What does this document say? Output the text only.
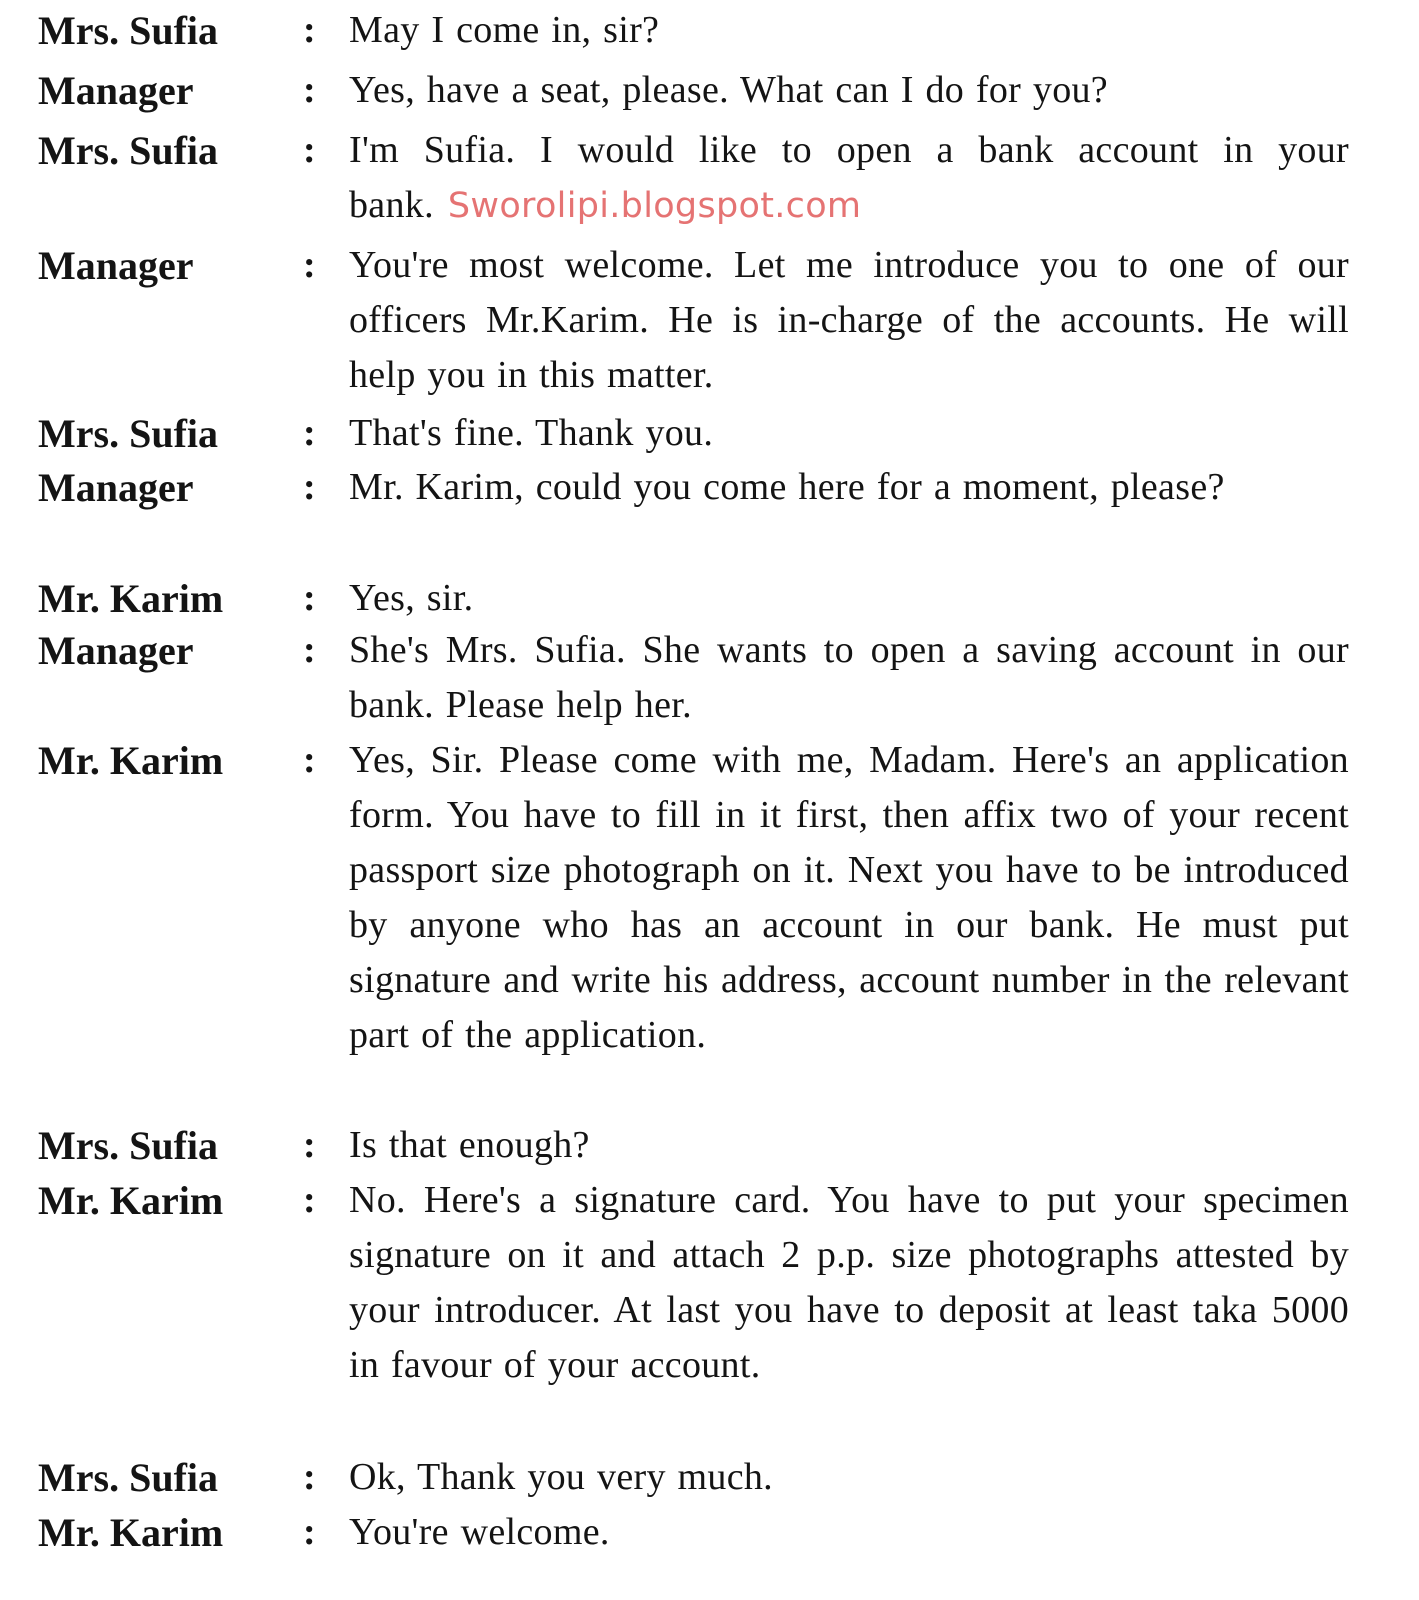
Mrs. Sufia : May I come in, sir?
Manager	: Yes, have a seat, please. What can I do for you?
Mrs. Sufia : I'm Sufia. I would like to open a bank account in your bank. Sworolipi.blogspot.com
Manager	: You're most welcome. Let me introduce you to one of our officers Mr.Karim. He is in-charge of the accounts. He will help you in this matter.
Mrs. Sufia : That's fine. Thank you.
Manager	: Mr. Karim, could you come here for a moment, please?
Mr. Karim : Yes, sir.
Manager	: She's Mrs. Sufia. She wants to open a saving account in our bank. Please help her.
Mr. Karim : Yes, Sir. Please come with me, Madam. Here's an application form. You have to fill in it first, then affix two of your recent passport size photograph on it. Next you have to be introduced by anyone who has an account in our bank. He must put signature and write his address, account number in the relevant part of the application.
Mrs. Sufia : Is that enough?
Mr. Karim : No. Here's a signature card. You have to put your specimen signature on it and attach 2 p.p. size photographs attested by your introducer. At last you have to deposit at least taka 5000 in favour of your account.
Mrs. Sufia : Ok, Thank you very much.
Mr. Karim : You're welcome.
